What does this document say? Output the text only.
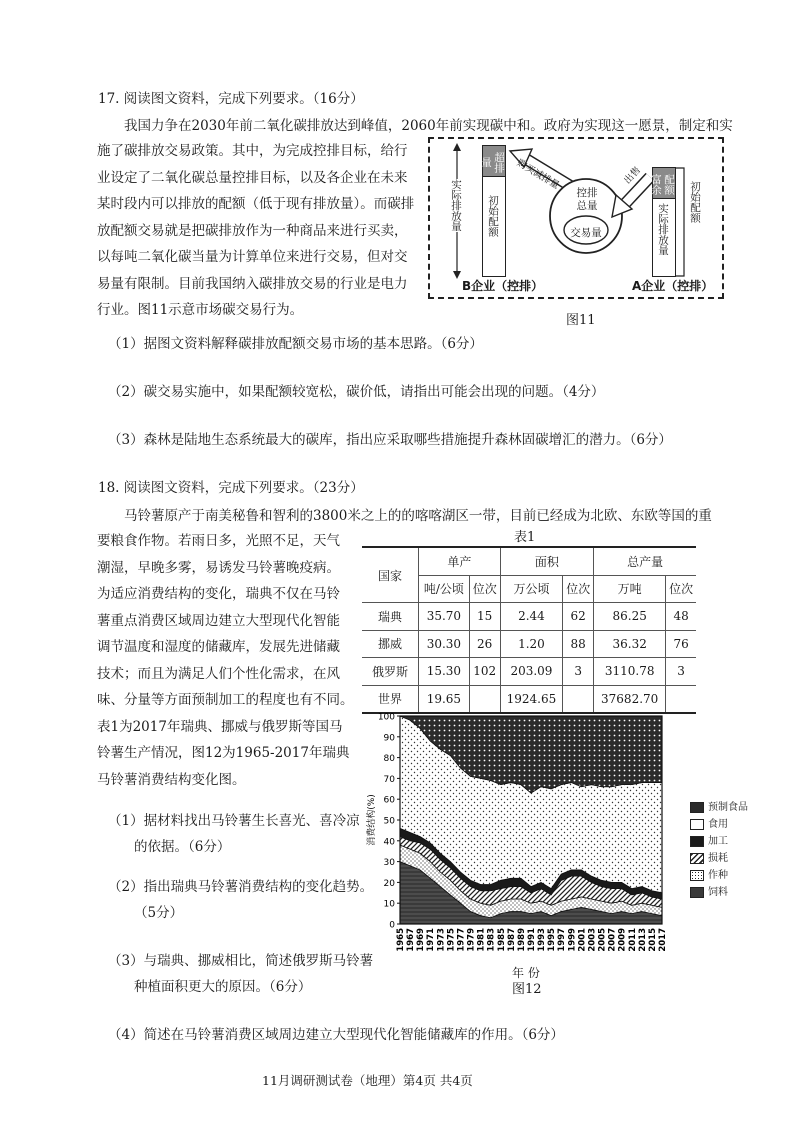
17. 阅读图文资料，完成下列要求。（16分）
我国力争在2030年前二氧化碳排放达到峰值，2060年前实现碳中和。政府为实现这一愿景，制定和实
施了碳排放交易政策。其中，为完成控排目标，给行
业设定了二氧化碳总量控排目标，以及各企业在未来
某时段内可以排放的配额（低于现有排放量）。而碳排
放配额交易就是把碳排放作为一种商品来进行买卖，
以每吨二氧化碳当量为计算单位来进行交易，但对交
易量有限制。目前我国纳入碳排放交易的行业是电力
行业。图11示意市场碳交易行为。
超排量
初始配额
实际排放量
购买减排量
控排总量
交易量
出售	配额富余
实际排放量
初始配额
B企业（控排）	A企业（控排）
图11
（1）据图文资料解释碳排放配额交易市场的基本思路。（6分）
（2）碳交易实施中，如果配额较宽松，碳价低，请指出可能会出现的问题。（4分）
（3）森林是陆地生态系统最大的碳库，指出应采取哪些措施提升森林固碳增汇的潜力。（6分）
18. 阅读图文资料，完成下列要求。（23分）
马铃薯原产于南美秘鲁和智利的3800米之上的的喀喀湖区一带，目前已经成为北欧、东欧等国的重
要粮食作物。若雨日多，光照不足，天气
潮湿，早晚多雾，易诱发马铃薯晚疫病。
为适应消费结构的变化，瑞典不仅在马铃
薯重点消费区域周边建立大型现代化智能
调节温度和湿度的储藏库，发展先进储藏
技术；而且为满足人们个性化需求，在风
味、分量等方面预制加工的程度也有不同。
表1为2017年瑞典、挪威与俄罗斯等国马
铃薯生产情况，图12为1965-2017年瑞典
马铃薯消费结构变化图。
表1
国家	单产		面积		总产量	
	吨/公顷	位次	万公顷	位次	万吨	位次
瑞典	35.70	15	2.44	62	86.25	48
挪威	30.30	26	1.20	88	36.32	76
俄罗斯	15.30	102	203.09	3	3110.78	3
世界	19.65		1924.65		37682.70	
0
10
20
30
40
50
60
70
80
90
100
消费结构(%)
1965 1967 1969 1971 1973 1975 1977 1979 1981 1983 1985 1987 1989 1991 1993 1995 1997 1999 2001 2003 2005 2007 2009 2011 2013 2015 2017
预制食品
食用
加工
损耗
作种
饲料
年 份
图12
（1）据材料找出马铃薯生长喜光、喜冷凉
的依据。（6分）
（2）指出瑞典马铃薯消费结构的变化趋势。
（5分）
（3）与瑞典、挪威相比，简述俄罗斯马铃薯
种植面积更大的原因。（6分）
（4）简述在马铃薯消费区域周边建立大型现代化智能储藏库的作用。（6分）
11月调研测试卷（地理）第4页 共4页
